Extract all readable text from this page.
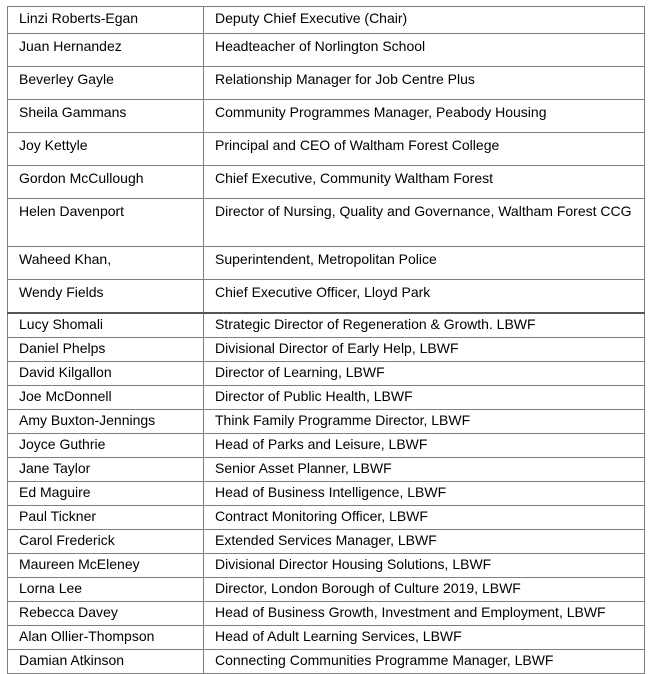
Linzi Roberts-Egan	Deputy Chief Executive (Chair)
Juan Hernandez	Headteacher of Norlington School
Beverley Gayle	Relationship Manager for Job Centre Plus
Sheila Gammans	Community Programmes Manager, Peabody Housing
Joy Kettyle	Principal and CEO of Waltham Forest College
Gordon McCullough	Chief Executive, Community Waltham Forest
Helen Davenport	Director of Nursing, Quality and Governance, Waltham Forest CCG
Waheed Khan,	Superintendent, Metropolitan Police
Wendy Fields	Chief Executive Officer, Lloyd Park
Lucy Shomali	Strategic Director of Regeneration & Growth. LBWF
Daniel Phelps	Divisional Director of Early Help, LBWF
David Kilgallon	Director of Learning, LBWF
Joe McDonnell	Director of Public Health, LBWF
Amy Buxton-Jennings	Think Family Programme Director, LBWF
Joyce Guthrie	Head of Parks and Leisure, LBWF
Jane Taylor	Senior Asset Planner, LBWF
Ed Maguire	Head of Business Intelligence, LBWF
Paul Tickner	Contract Monitoring Officer, LBWF
Carol Frederick	Extended Services Manager, LBWF
Maureen McEleney	Divisional Director Housing Solutions, LBWF
Lorna Lee	Director, London Borough of Culture 2019, LBWF
Rebecca Davey	Head of Business Growth, Investment and Employment, LBWF
Alan Ollier-Thompson	Head of Adult Learning Services, LBWF
Damian Atkinson	Connecting Communities Programme Manager, LBWF
